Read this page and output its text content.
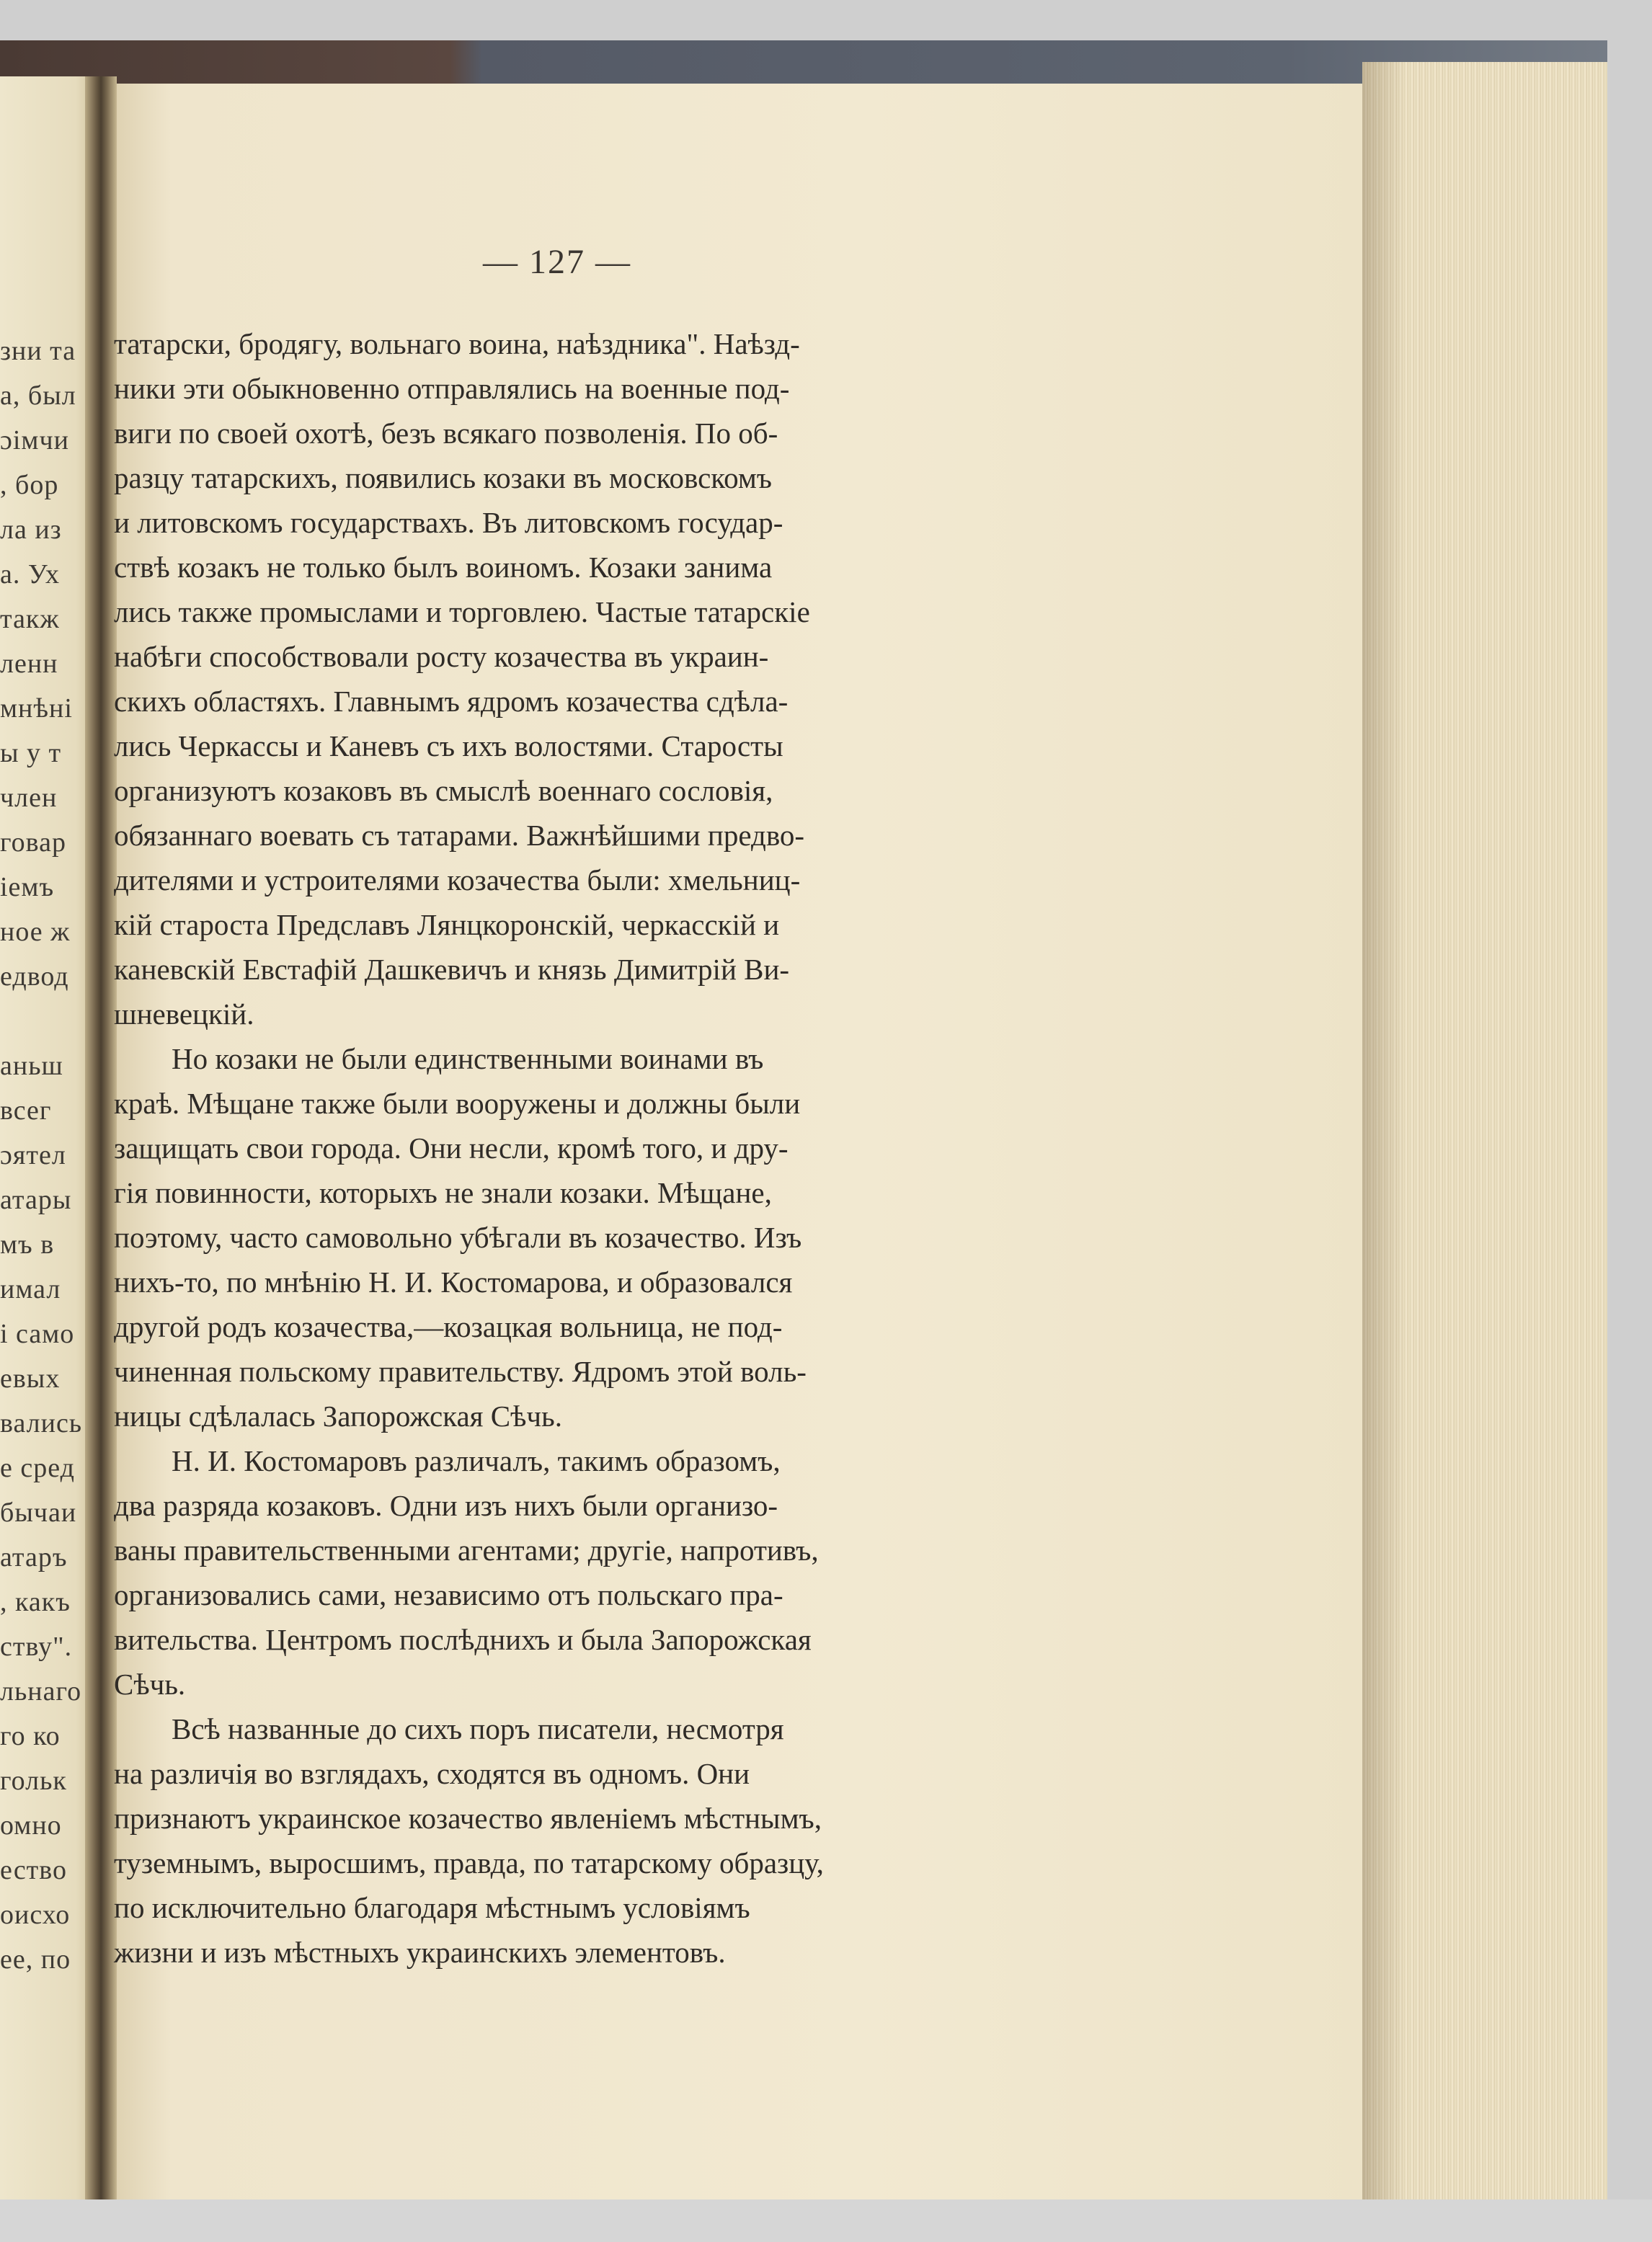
зни та
а, был
ɔімчи
, бор
ла из
а. Ух
такж
ленн
мнѣні
ы у т
член
говар
іемъ
ное ж
едвод

аньш
всег
ɔятел
атары
мъ в
имал
і само
евых
вались
е сред
бычаи
атаръ
, какъ
ству".
льнаго
го ко
гольк
омно
ество
оисхо
ее, по
— 127 —

татарски, бродягу, вольнаго воина, наѣздника". Наѣзд-
ники эти обыкновенно отправлялись на военные под-
виги по своей охотѣ, безъ всякаго позволенія. По об-
разцу татарскихъ, появились козаки въ московскомъ
и литовскомъ государствахъ. Въ литовскомъ государ-
ствѣ козакъ не только былъ воиномъ. Козаки занима
лись также промыслами и торговлею. Частые татарскіе
набѣги способствовали росту козачества въ украин-
скихъ областяхъ. Главнымъ ядромъ козачества сдѣла-
лись Черкассы и Каневъ съ ихъ волостями. Старосты
организуютъ козаковъ въ смыслѣ военнаго сословія,
обязаннаго воевать съ татарами. Важнѣйшими предво-
дителями и устроителями козачества были: хмельниц-
кій староста Предславъ Лянцкоронскій, черкасскій и
каневскій Евстафій Дашкевичъ и князь Димитрій Ви-
шневецкій.

Но козаки не были единственными воинами въ
краѣ. Мѣщане также были вооружены и должны были
защищать свои города. Они несли, кромѣ того, и дру-
гія повинности, которыхъ не знали козаки. Мѣщане,
поэтому, часто самовольно убѣгали въ козачество. Изъ
нихъ-то, по мнѣнію Н. И. Костомарова, и образовался
другой родъ козачества,—козацкая вольница, не под-
чиненная польскому правительству. Ядромъ этой воль-
ницы сдѣлалась Запорожская Сѣчь.

Н. И. Костомаровъ различалъ, такимъ образомъ,
два разряда козаковъ. Одни изъ нихъ были организо-
ваны правительственными агентами; другіе, напротивъ,
организовались сами, независимо отъ польскаго пра-
вительства. Центромъ послѣднихъ и была Запорожская
Сѣчь.

Всѣ названные до сихъ поръ писатели, несмотря
на различія во взглядахъ, сходятся въ одномъ. Они
признаютъ украинское козачество явленіемъ мѣстнымъ,
туземнымъ, выросшимъ, правда, по татарскому образцу,
по исключительно благодаря мѣстнымъ условіямъ
жизни и изъ мѣстныхъ украинскихъ элементовъ.
